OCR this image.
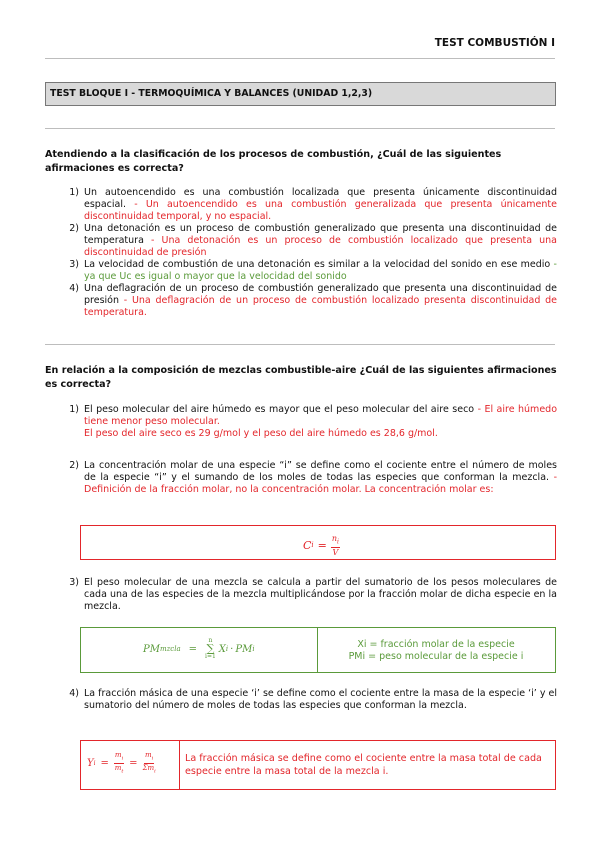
TEST COMBUSTIÓN I
TEST BLOQUE I - TERMOQUÍMICA Y BALANCES (UNIDAD 1,2,3)
Atendiendo a la clasificación de los procesos de combustión, ¿Cuál de las siguientes afirmaciones es correcta?
1) Un autoencendido es una combustión localizada que presenta únicamente discontinuidad espacial. - Un autoencendido es una combustión generalizada que presenta únicamente discontinuidad temporal, y no espacial.
2) Una detonación es un proceso de combustión generalizado que presenta una discontinuidad de temperatura - Una detonación es un proceso de combustión localizado que presenta una discontinuidad de presión
3) La velocidad de combustión de una detonación es similar a la velocidad del sonido en ese medio - ya que Uc es igual o mayor que la velocidad del sonido
4) Una deflagración de un proceso de combustión generalizado que presenta una discontinuidad de presión - Una deflagración de un proceso de combustión localizado presenta discontinuidad de temperatura.
En relación a la composición de mezclas combustible-aire ¿Cuál de las siguientes afirmaciones es correcta?
1) El peso molecular del aire húmedo es mayor que el peso molecular del aire seco - El aire húmedo tiene menor peso molecular.
El peso del aire seco es 29 g/mol y el peso del aire húmedo es 28,6 g/mol.
2) La concentración molar de una especie “i” se define como el cociente entre el número de moles de la especie “i” y el sumando de los moles de todas las especies que conforman la mezcla. - Definición de la fracción molar, no la concentración molar. La concentración molar es:
C $i = \frac{n_i}{V}$
3) El peso molecular de una mezcla se calcula a partir del sumatorio de los pesos moleculares de cada una de las especies de la mezcla multiplicándose por la fracción molar de dicha especie en la mezcla.
PM mzcla =
n
∑
i=1
X i · PM i	Xi = fracción molar de la especie
PMi = peso molecular de la especie i
4) La fracción másica de una especie ‘i’ se define como el cociente entre la masa de la especie ‘i’ y el sumatorio del número de moles de todas las especies que conforman la mezcla.
Y $i = \frac{m_i}{m_t}$ =
$m_i$
$\Sigma m_i$
La fracción másica se define como el cociente entre la masa total de cada especie entre la masa total de la mezcla i.
